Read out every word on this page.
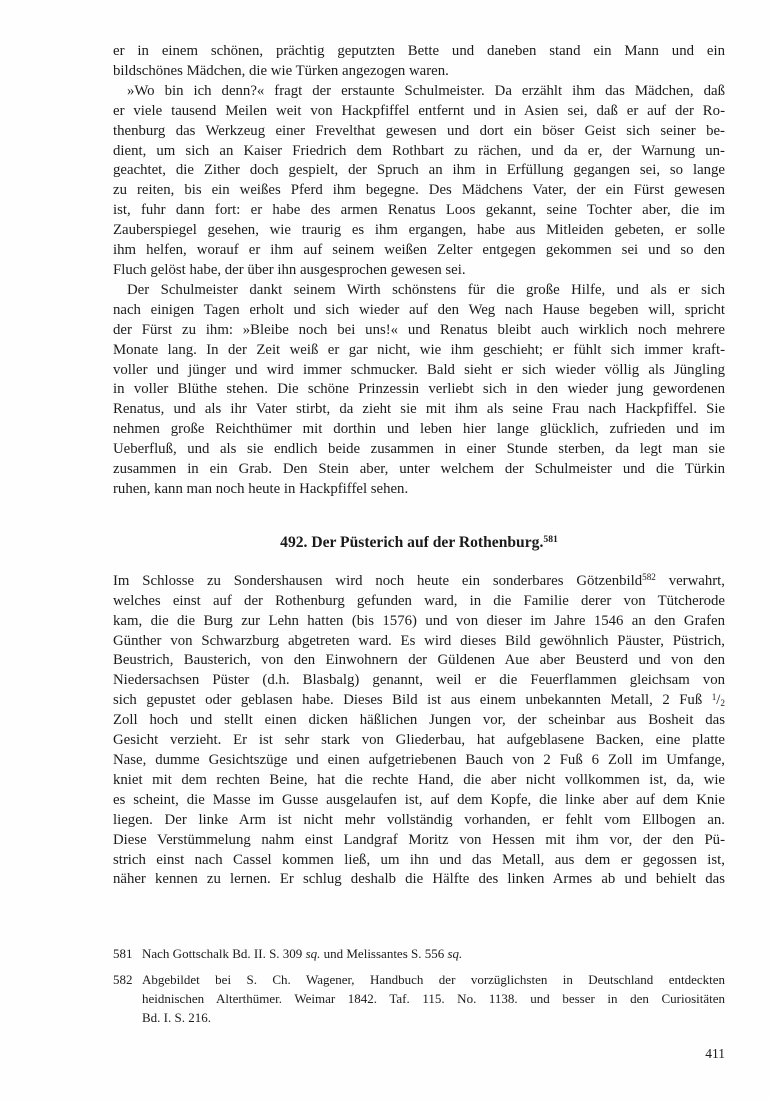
er in einem schönen, prächtig geputzten Bette und daneben stand ein Mann und ein
bildschönes Mädchen, die wie Türken angezogen waren.
»Wo bin ich denn?« fragt der erstaunte Schulmeister. Da erzählt ihm das Mädchen, daß
er viele tausend Meilen weit von Hackpfiffel entfernt und in Asien sei, daß er auf der Ro-
thenburg das Werkzeug einer Frevelthat gewesen und dort ein böser Geist sich seiner be-
dient, um sich an Kaiser Friedrich dem Rothbart zu rächen, und da er, der Warnung un-
geachtet, die Zither doch gespielt, der Spruch an ihm in Erfüllung gegangen sei, so lange
zu reiten, bis ein weißes Pferd ihm begegne. Des Mädchens Vater, der ein Fürst gewesen
ist, fuhr dann fort: er habe des armen Renatus Loos gekannt, seine Tochter aber, die im
Zauberspiegel gesehen, wie traurig es ihm ergangen, habe aus Mitleiden gebeten, er solle
ihm helfen, worauf er ihm auf seinem weißen Zelter entgegen gekommen sei und so den
Fluch gelöst habe, der über ihn ausgesprochen gewesen sei.
Der Schulmeister dankt seinem Wirth schönstens für die große Hilfe, und als er sich
nach einigen Tagen erholt und sich wieder auf den Weg nach Hause begeben will, spricht
der Fürst zu ihm: »Bleibe noch bei uns!« und Renatus bleibt auch wirklich noch mehrere
Monate lang. In der Zeit weiß er gar nicht, wie ihm geschieht; er fühlt sich immer kraft-
voller und jünger und wird immer schmucker. Bald sieht er sich wieder völlig als Jüngling
in voller Blüthe stehen. Die schöne Prinzessin verliebt sich in den wieder jung gewordenen
Renatus, und als ihr Vater stirbt, da zieht sie mit ihm als seine Frau nach Hackpfiffel. Sie
nehmen große Reichthümer mit dorthin und leben hier lange glücklich, zufrieden und im
Ueberfluß, und als sie endlich beide zusammen in einer Stunde sterben, da legt man sie
zusammen in ein Grab. Den Stein aber, unter welchem der Schulmeister und die Türkin
ruhen, kann man noch heute in Hackpfiffel sehen.
492. Der Püsterich auf der Rothenburg.$^{581}$
Im Schlosse zu Sondershausen wird noch heute ein sonderbares Götzenbild$^{582}$ verwahrt,
welches einst auf der Rothenburg gefunden ward, in die Familie derer von Tütcherode
kam, die die Burg zur Lehn hatten (bis 1576) und von dieser im Jahre 1546 an den Grafen
Günther von Schwarzburg abgetreten ward. Es wird dieses Bild gewöhnlich Päuster, Püstrich,
Beustrich, Bausterich, von den Einwohnern der Güldenen Aue aber Beusterd und von den
Niedersachsen Püster (d.h. Blasbalg) genannt, weil er die Feuerflammen gleichsam von
sich gepustet oder geblasen habe. Dieses Bild ist aus einem unbekannten Metall, 2 Fuß $^1/_2$
Zoll hoch und stellt einen dicken häßlichen Jungen vor, der scheinbar aus Bosheit das
Gesicht verzieht. Er ist sehr stark von Gliederbau, hat aufgeblasene Backen, eine platte
Nase, dumme Gesichtszüge und einen aufgetriebenen Bauch von 2 Fuß 6 Zoll im Umfange,
kniet mit dem rechten Beine, hat die rechte Hand, die aber nicht vollkommen ist, da, wie
es scheint, die Masse im Gusse ausgelaufen ist, auf dem Kopfe, die linke aber auf dem Knie
liegen. Der linke Arm ist nicht mehr vollständig vorhanden, er fehlt vom Ellbogen an.
Diese Verstümmelung nahm einst Landgraf Moritz von Hessen mit ihm vor, der den Pü-
strich einst nach Cassel kommen ließ, um ihn und das Metall, aus dem er gegossen ist,
näher kennen zu lernen. Er schlug deshalb die Hälfte des linken Armes ab und behielt das
581 Nach Gottschalk Bd. II. S. 309 sq. und Melissantes S. 556 sq.
582 Abgebildet bei S. Ch. Wagener, Handbuch der vorzüglichsten in Deutschland entdeckten
heidnischen Alterthümer. Weimar 1842. Taf. 115. No. 1138. und besser in den Curiositäten
Bd. I. S. 216.
411
